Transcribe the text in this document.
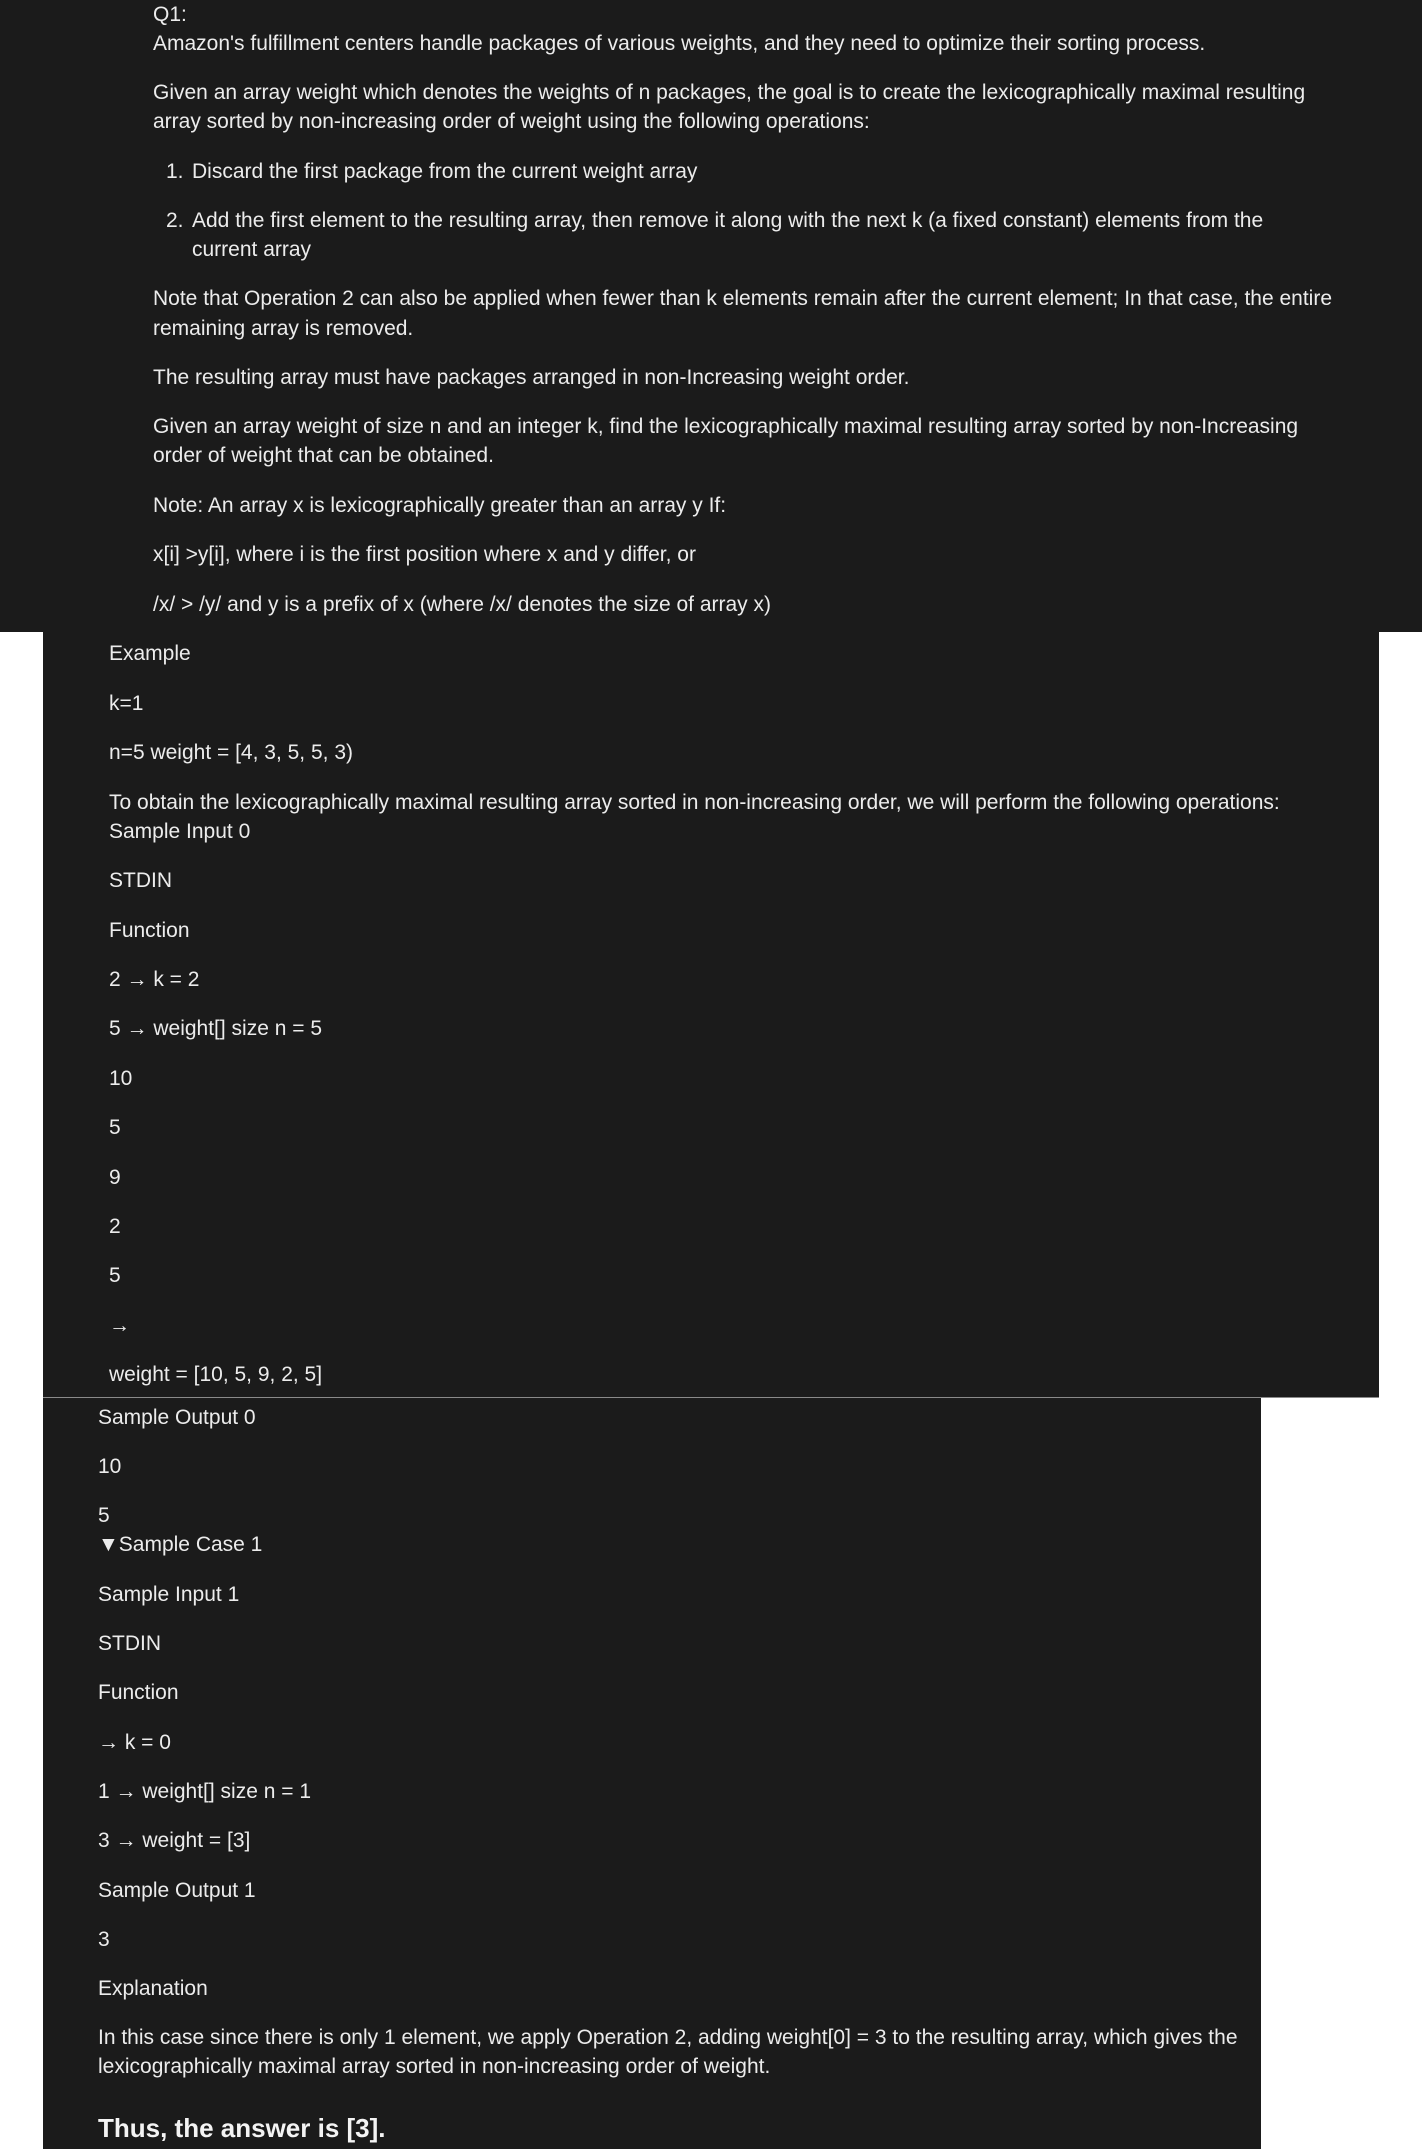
Q1:

Amazon's fulfillment centers handle packages of various weights, and they need to optimize their sorting process.

Given an array weight which denotes the weights of n packages, the goal is to create the lexicographically maximal resulting

array sorted by non-increasing order of weight using the following operations:

1. Discard the first package from the current weight array

2. Add the first element to the resulting array, then remove it along with the next k (a fixed constant) elements from the

current array

Note that Operation 2 can also be applied when fewer than k elements remain after the current element; In that case, the entire

remaining array is removed.

The resulting array must have packages arranged in non-Increasing weight order.

Given an array weight of size n and an integer k, find the lexicographically maximal resulting array sorted by non-Increasing

order of weight that can be obtained.

Note: An array x is lexicographically greater than an array y If:

x[i] >y[i], where i is the first position where x and y differ, or

/x/ > /y/ and y is a prefix of x (where /x/ denotes the size of array x)

Example

k=1

n=5 weight = [4, 3, 5, 5, 3)

To obtain the lexicographically maximal resulting array sorted in non-increasing order, we will perform the following operations:

Sample Input 0

STDIN

Function

2 → k = 2

5 → weight[] size n = 5

10

5

9

2

5

→

weight = [10, 5, 9, 2, 5]

Sample Output 0

10

5

▼Sample Case 1

Sample Input 1

STDIN

Function

→ k = 0

1 → weight[] size n = 1

3 → weight = [3]

Sample Output 1

3

Explanation

In this case since there is only 1 element, we apply Operation 2, adding weight[0] = 3 to the resulting array, which gives the

lexicographically maximal array sorted in non-increasing order of weight.

Thus, the answer is [3].
